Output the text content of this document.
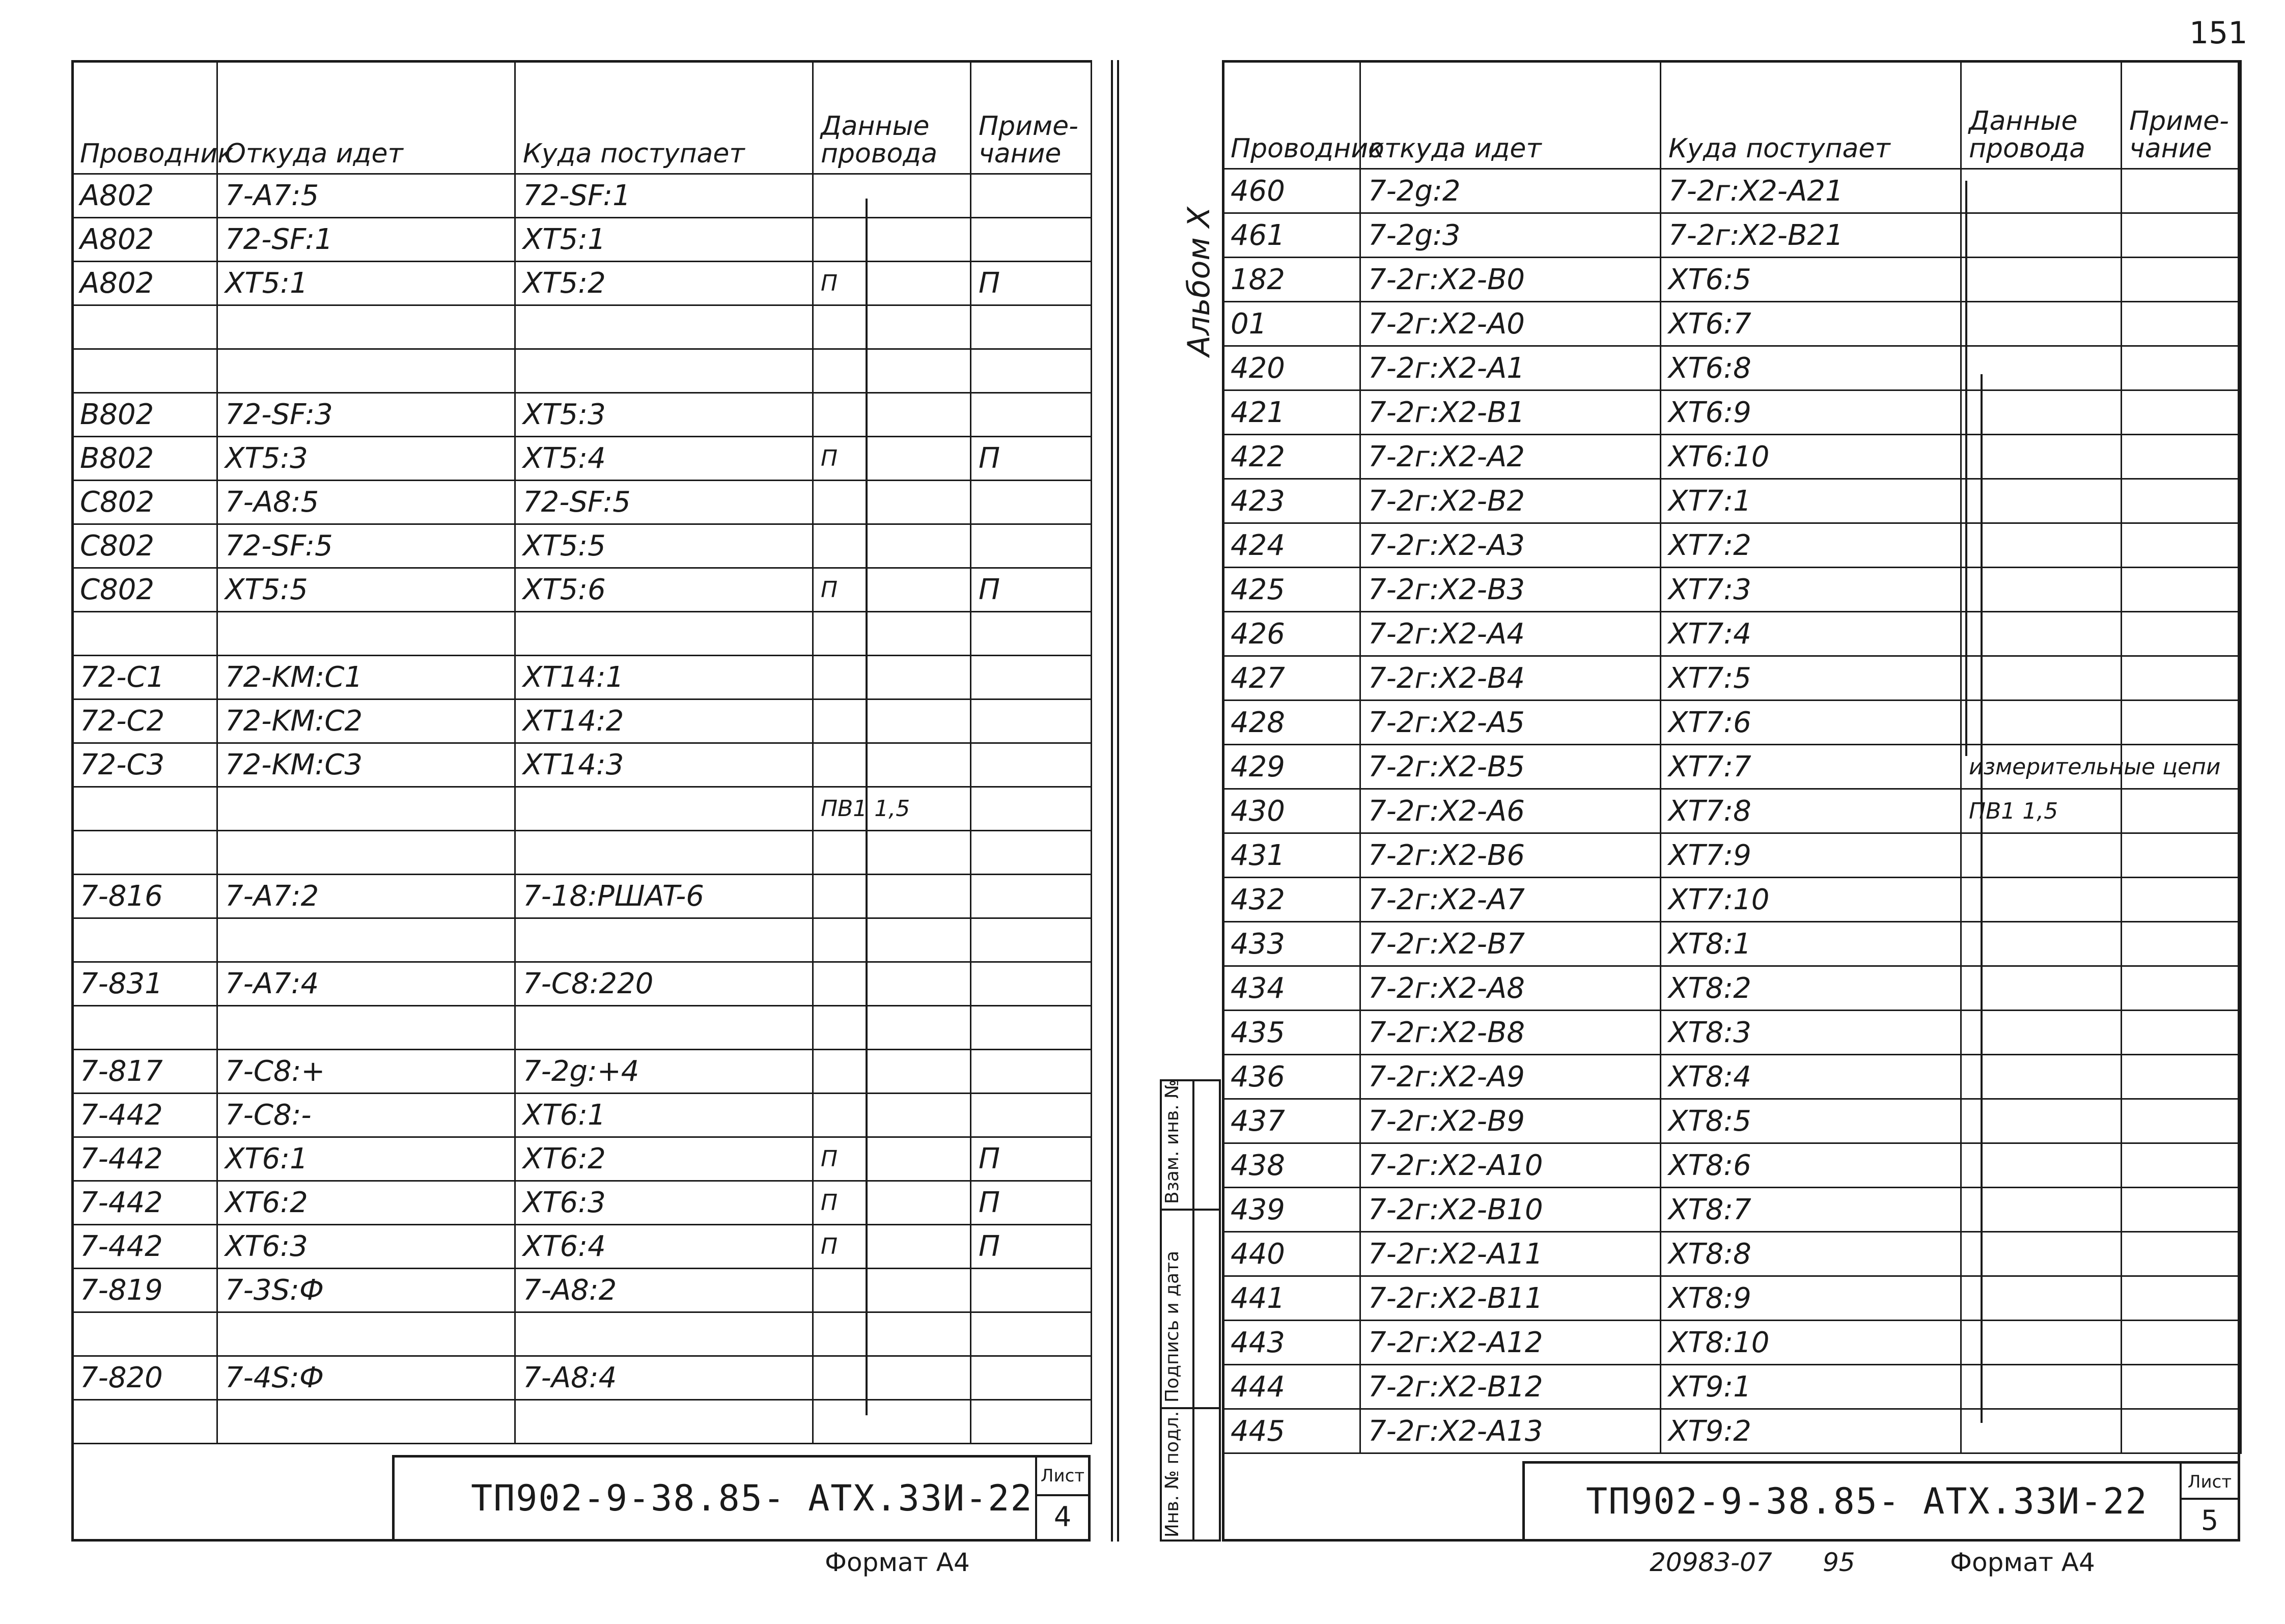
Проводник	Откуда идет	Куда поступает	Данные провода	Приме-чание
A802	7-A7:5	72-SF:1		
A802	72-SF:1	XT5:1		
A802	XT5:1	XT5:2	П	П

B802	72-SF:3	XT5:3		
B802	XT5:3	XT5:4	П	П
C802	7-A8:5	72-SF:5		
C802	72-SF:5	XT5:5		
C802	XT5:5	XT5:6	П	П

72-C1	72-KM:C1	XT14:1		
72-C2	72-KM:C2	XT14:2		
72-C3	72-KM:C3	XT14:3		
			ПВ1 1,5	

7-816	7-A7:2	7-18:PШAT-6		

7-831	7-A7:4	7-C8:220		

7-817	7-C8:+	7-2g:+4		
7-442	7-C8:-	XT6:1		
7-442	XT6:1	XT6:2	П	П
7-442	XT6:2	XT6:3	П	П
7-442	XT6:3	XT6:4	П	П
7-819	7-3S:Ф	7-A8:2		

7-820	7-4S:Ф	7-A8:4		

ТП902-9-38.85- АТХ.33И-22
Лист
4
Формат А4
Альбом X
Взам. инв. №
Подпись и дата
Инв. № подл.
Проводник	откуда идет	Куда поступает	Данные провода	Приме-чание
460	7-2g:2	7-2г:X2-A21		
461	7-2g:3	7-2г:X2-B21		
182	7-2г:X2-B0	XT6:5		
01	7-2г:X2-A0	XT6:7		
420	7-2г:X2-A1	XT6:8		
421	7-2г:X2-B1	XT6:9		
422	7-2г:X2-A2	XT6:10		
423	7-2г:X2-B2	XT7:1		
424	7-2г:X2-A3	XT7:2		
425	7-2г:X2-B3	XT7:3		
426	7-2г:X2-A4	XT7:4		
427	7-2г:X2-B4	XT7:5		
428	7-2г:X2-A5	XT7:6		
429	7-2г:X2-B5	XT7:7	измерительные цепи	
430	7-2г:X2-A6	XT7:8	ПВ1 1,5	
431	7-2г:X2-B6	XT7:9		
432	7-2г:X2-A7	XT7:10		
433	7-2г:X2-B7	XT8:1		
434	7-2г:X2-A8	XT8:2		
435	7-2г:X2-B8	XT8:3		
436	7-2г:X2-A9	XT8:4		
437	7-2г:X2-B9	XT8:5		
438	7-2г:X2-A10	XT8:6		
439	7-2г:X2-B10	XT8:7		
440	7-2г:X2-A11	XT8:8		
441	7-2г:X2-B11	XT8:9		
443	7-2г:X2-A12	XT8:10		
444	7-2г:X2-B12	XT9:1		
445	7-2г:X2-A13	XT9:2		
ТП902-9-38.85- АТХ.33И-22	Лист
5
20983-07 95	Формат А4
151
